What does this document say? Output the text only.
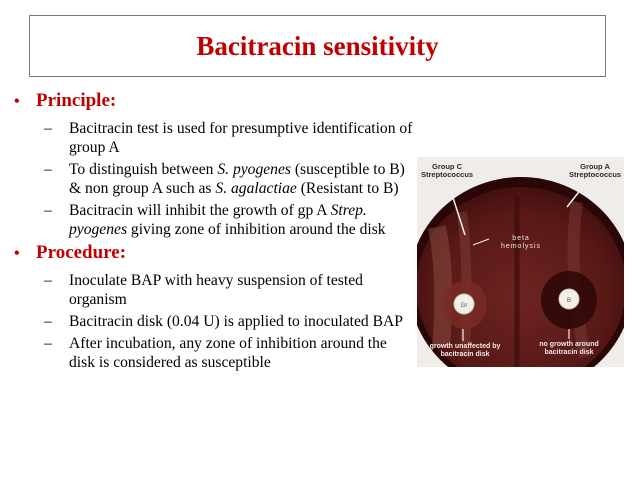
Bacitracin sensitivity
• Principle:
–	Bacitracin test is used for presumptive identification of group A
–	To distinguish between S. pyogenes (susceptible to B) & non group A such as S. agalactiae (Resistant to B)
–	Bacitracin will inhibit the growth of gp A Strep. pyogenes giving zone of inhibition around the disk
• Procedure:
–	Inoculate BAP with heavy suspension of tested organism
–	Bacitracin disk (0.04 U) is applied to inoculated BAP
–	After incubation, any zone of inhibition around the disk is considered as susceptible
Gr
B
Group C Streptococcus
Group A Streptococcus
beta hemolysis
growth unaffected by bacitracin disk
no growth around bacitracin disk
